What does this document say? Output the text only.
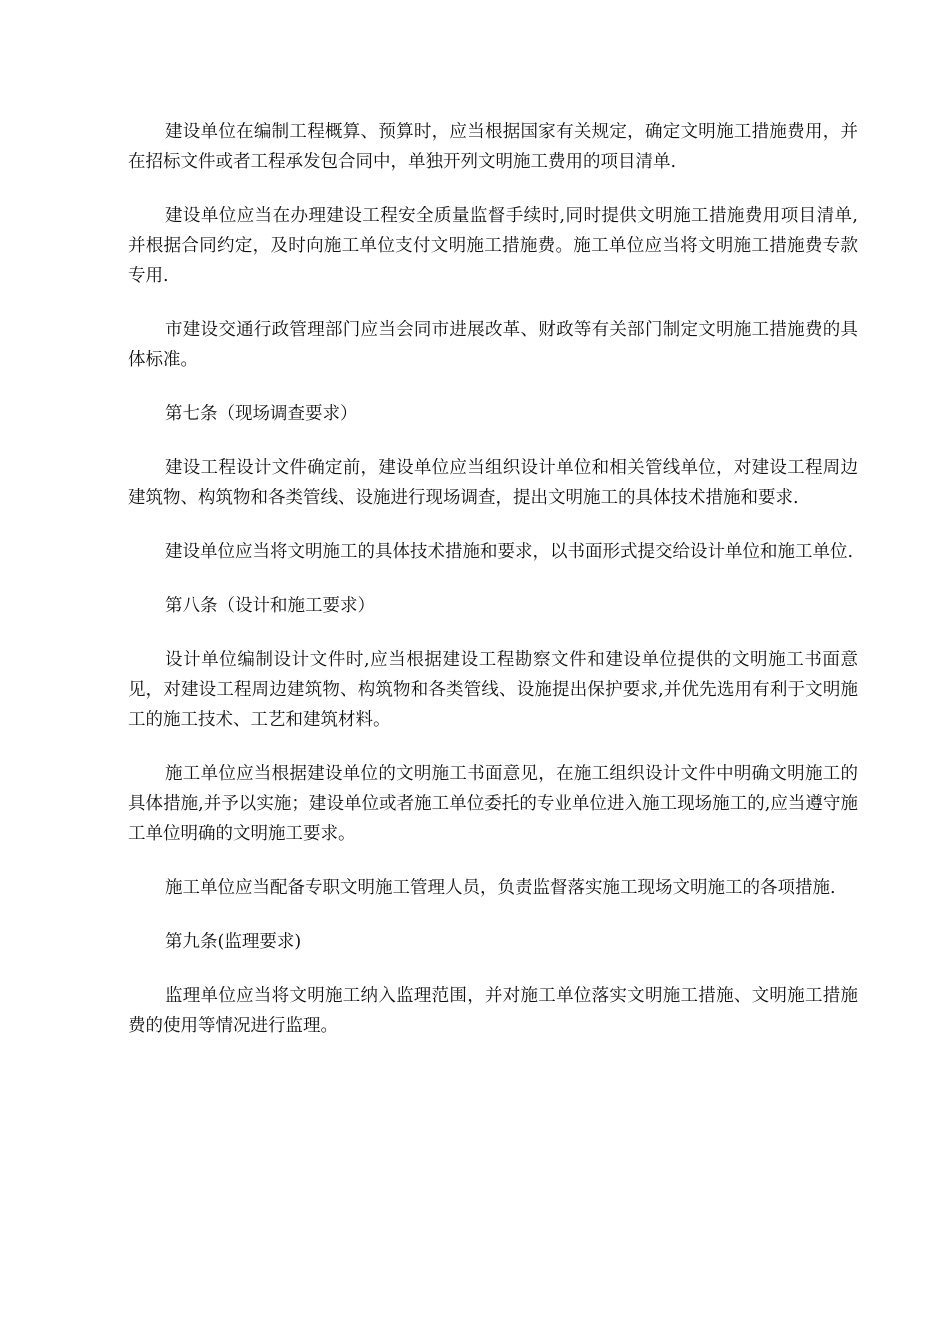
建设单位在编制工程概算、预算时，应当根据国家有关规定，确定文明施工措施费用，并在招标文件或者工程承发包合同中，单独开列文明施工费用的项目清单.

建设单位应当在办理建设工程安全质量监督手续时,同时提供文明施工措施费用项目清单,并根据合同约定，及时向施工单位支付文明施工措施费。施工单位应当将文明施工措施费专款专用.

市建设交通行政管理部门应当会同市进展改革、财政等有关部门制定文明施工措施费的具体标准。

第七条（现场调查要求）

建设工程设计文件确定前，建设单位应当组织设计单位和相关管线单位，对建设工程周边建筑物、构筑物和各类管线、设施进行现场调查，提出文明施工的具体技术措施和要求.

建设单位应当将文明施工的具体技术措施和要求，以书面形式提交给设计单位和施工单位.

第八条（设计和施工要求）

设计单位编制设计文件时,应当根据建设工程勘察文件和建设单位提供的文明施工书面意见，对建设工程周边建筑物、构筑物和各类管线、设施提出保护要求,并优先选用有利于文明施工的施工技术、工艺和建筑材料。

施工单位应当根据建设单位的文明施工书面意见，在施工组织设计文件中明确文明施工的具体措施,并予以实施；建设单位或者施工单位委托的专业单位进入施工现场施工的,应当遵守施工单位明确的文明施工要求。

施工单位应当配备专职文明施工管理人员，负责监督落实施工现场文明施工的各项措施.

第九条(监理要求)

监理单位应当将文明施工纳入监理范围，并对施工单位落实文明施工措施、文明施工措施费的使用等情况进行监理。
